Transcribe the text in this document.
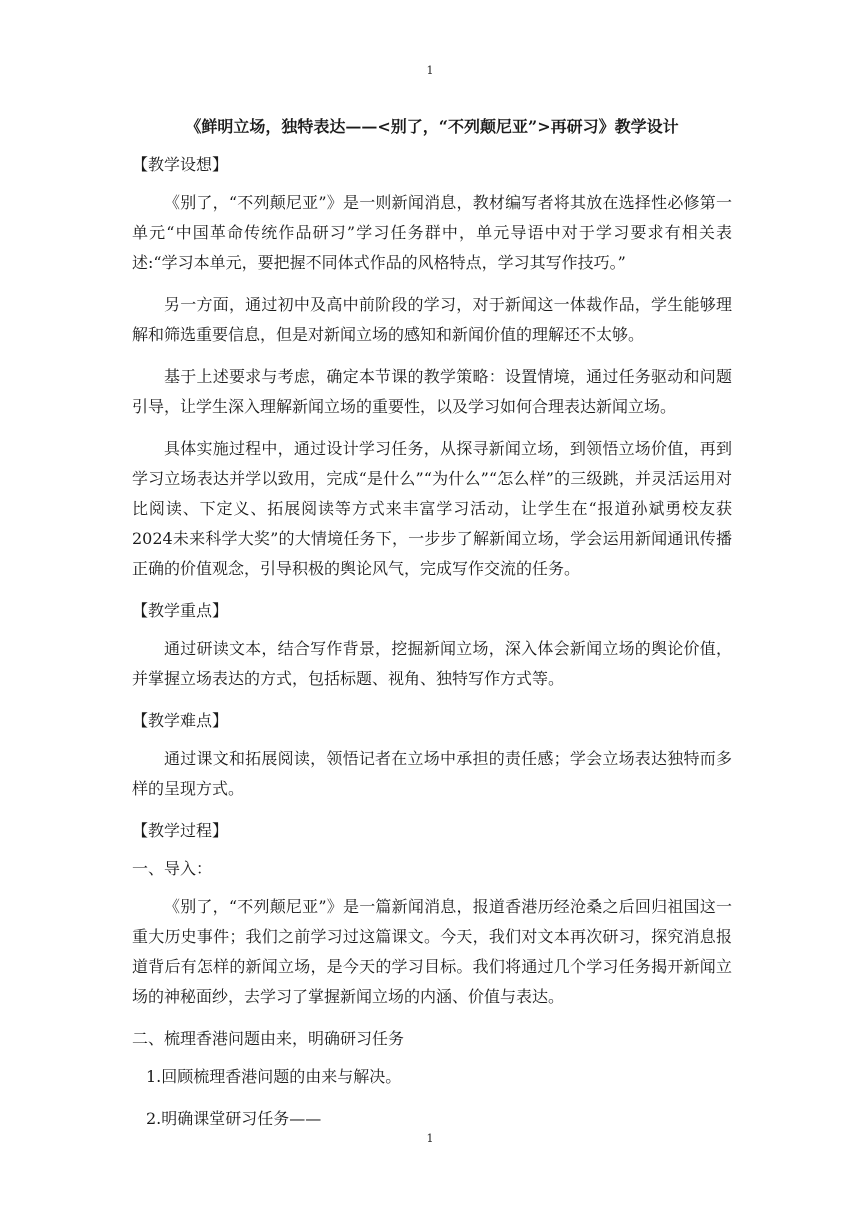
1
《鲜明立场，独特表达——<别了，“不列颠尼亚”>再研习》教学设计
【教学设想】

《别了，“不列颠尼亚”》是一则新闻消息，教材编写者将其放在选择性必修第一单元“中国革命传统作品研习”学习任务群中，单元导语中对于学习要求有相关表述:“学习本单元，要把握不同体式作品的风格特点，学习其写作技巧。”

另一方面，通过初中及高中前阶段的学习，对于新闻这一体裁作品，学生能够理解和筛选重要信息，但是对新闻立场的感知和新闻价值的理解还不太够。

基于上述要求与考虑，确定本节课的教学策略：设置情境，通过任务驱动和问题引导，让学生深入理解新闻立场的重要性，以及学习如何合理表达新闻立场。

具体实施过程中，通过设计学习任务，从探寻新闻立场，到领悟立场价值，再到学习立场表达并学以致用，完成“是什么”“为什么”“怎么样”的三级跳，并灵活运用对比阅读、下定义、拓展阅读等方式来丰富学习活动，让学生在“报道孙斌勇校友获2024未来科学大奖”的大情境任务下，一步步了解新闻立场，学会运用新闻通讯传播正确的价值观念，引导积极的舆论风气，完成写作交流的任务。

【教学重点】

通过研读文本，结合写作背景，挖掘新闻立场，深入体会新闻立场的舆论价值，并掌握立场表达的方式，包括标题、视角、独特写作方式等。

【教学难点】

通过课文和拓展阅读，领悟记者在立场中承担的责任感；学会立场表达独特而多样的呈现方式。

【教学过程】
一、导入：

《别了，“不列颠尼亚”》是一篇新闻消息，报道香港历经沧桑之后回归祖国这一重大历史事件；我们之前学习过这篇课文。今天，我们对文本再次研习，探究消息报道背后有怎样的新闻立场，是今天的学习目标。我们将通过几个学习任务揭开新闻立场的神秘面纱，去学习了掌握新闻立场的内涵、价值与表达。

二、梳理香港问题由来，明确研习任务
1.回顾梳理香港问题的由来与解决。
2.明确课堂研习任务——
1
